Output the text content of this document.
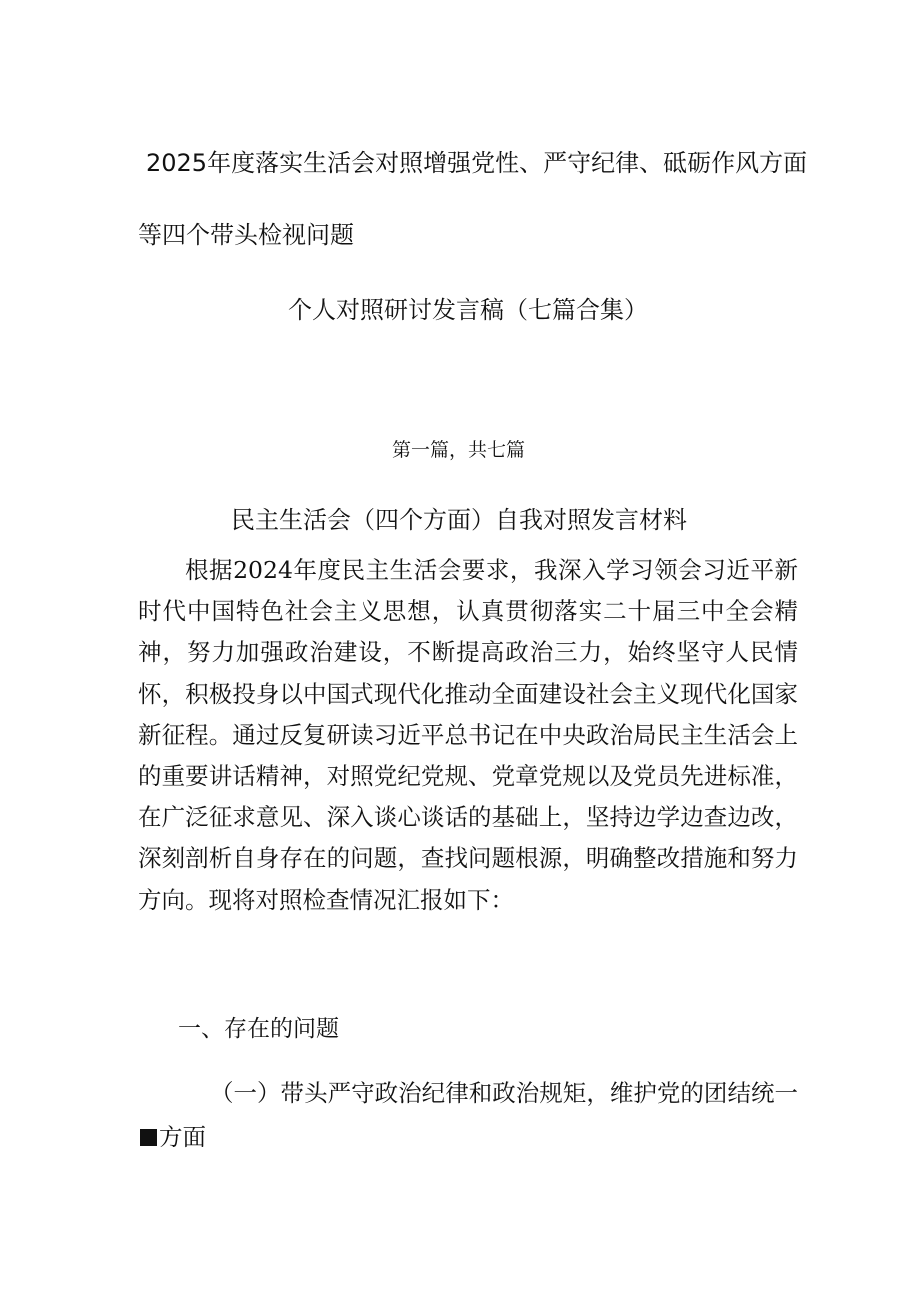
2025年度落实生活会对照增强党性、严守纪律、砥砺作风方面
等四个带头检视问题
个人对照研讨发言稿（七篇合集）
第一篇，共七篇
民主生活会（四个方面）自我对照发言材料

根据2024年度民主生活会要求，我深入学习领会习近平新时代中国特色社会主义思想，认真贯彻落实二十届三中全会精神，努力加强政治建设，不断提高政治三力，始终坚守人民情怀，积极投身以中国式现代化推动全面建设社会主义现代化国家新征程。通过反复研读习近平总书记在中央政治局民主生活会上的重要讲话精神，对照党纪党规、党章党规以及党员先进标准，在广泛征求意见、深入谈心谈话的基础上，坚持边学边查边改，深刻剖析自身存在的问题，查找问题根源，明确整改措施和努力方向。现将对照检查情况汇报如下：

一、存在的问题

（一）带头严守政治纪律和政治规矩，维护党的团结统一方面
